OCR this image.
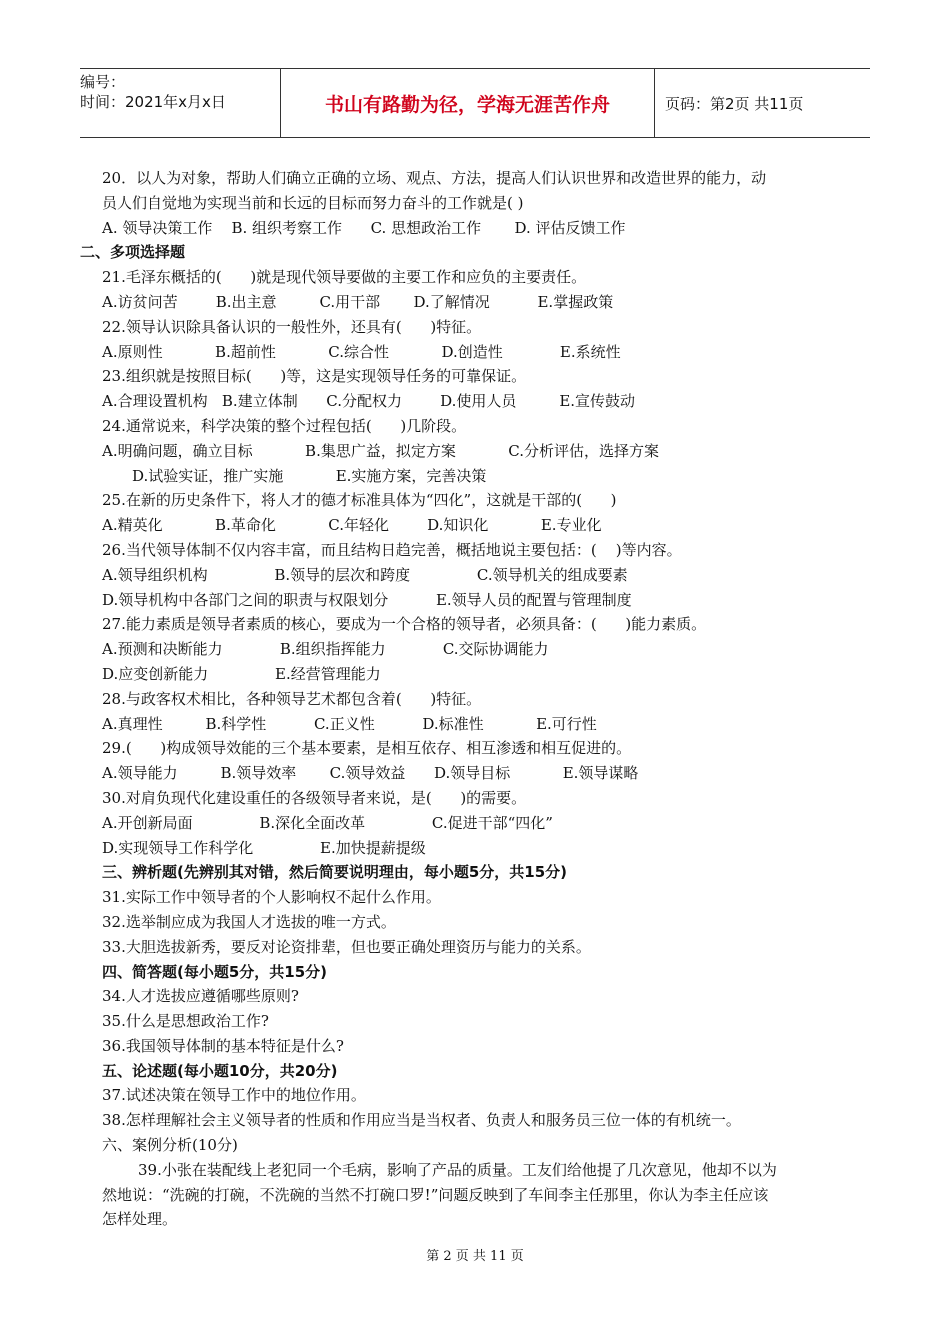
编号：
时间：2021年x月x日	书山有路勤为径，学海无涯苦作舟	页码：第2页 共11页
20．以人为对象，帮助人们确立正确的立场、观点、方法，提高人们认识世界和改造世界的能力，动
员人们自觉地为实现当前和长远的目标而努力奋斗的工作就是( )
A. 领导决策工作    B. 组织考察工作      C. 思想政治工作       D. 评估反馈工作
二、多项选择题
21.毛泽东概括的(      )就是现代领导要做的主要工作和应负的主要责任。
A.访贫问苦        B.出主意         C.用干部       D.了解情况          E.掌握政策
22.领导认识除具备认识的一般性外，还具有(      )特征。
A.原则性           B.超前性           C.综合性           D.创造性            E.系统性
23.组织就是按照目标(      )等，这是实现领导任务的可靠保证。
A.合理设置机构   B.建立体制      C.分配权力        D.使用人员         E.宣传鼓动
24.通常说来，科学决策的整个过程包括(      )几阶段。
A.明确问题，确立目标           B.集思广益，拟定方案           C.分析评估，选择方案
D.试验实证，推广实施           E.实施方案，完善决策
25.在新的历史条件下，将人才的德才标准具体为“四化”，这就是干部的(      )
A.精英化           B.革命化           C.年轻化        D.知识化           E.专业化
26.当代领导体制不仅内容丰富，而且结构日趋完善，概括地说主要包括：(    )等内容。
A.领导组织机构              B.领导的层次和跨度              C.领导机关的组成要素
D.领导机构中各部门之间的职责与权限划分          E.领导人员的配置与管理制度
27.能力素质是领导者素质的核心，要成为一个合格的领导者，必须具备：(      )能力素质。
A.预测和决断能力            B.组织指挥能力            C.交际协调能力
D.应变创新能力              E.经营管理能力
28.与政客权术相比，各种领导艺术都包含着(      )特征。
A.真理性         B.科学性          C.正义性          D.标准性           E.可行性
29.(      )构成领导效能的三个基本要素，是相互依存、相互渗透和相互促进的。
A.领导能力         B.领导效率       C.领导效益      D.领导目标           E.领导谋略
30.对肩负现代化建设重任的各级领导者来说，是(      )的需要。
A.开创新局面              B.深化全面改革              C.促进干部“四化”
D.实现领导工作科学化              E.加快提薪提级
三、辨析题(先辨别其对错，然后简要说明理由，每小题5分，共15分)
31.实际工作中领导者的个人影响权不起什么作用。
32.选举制应成为我国人才选拔的唯一方式。
33.大胆选拔新秀，要反对论资排辈，但也要正确处理资历与能力的关系。
四、简答题(每小题5分，共15分)
34.人才选拔应遵循哪些原则?
35.什么是思想政治工作?
36.我国领导体制的基本特征是什么?
五、论述题(每小题10分，共20分)
37.试述决策在领导工作中的地位作用。
38.怎样理解社会主义领导者的性质和作用应当是当权者、负责人和服务员三位一体的有机统一。
六、案例分析(10分)
39.小张在装配线上老犯同一个毛病，影响了产品的质量。工友们给他提了几次意见，他却不以为
然地说：“洗碗的打碗，不洗碗的当然不打碗口罗!”问题反映到了车间李主任那里，你认为李主任应该
怎样处理。
第 2 页 共 11 页
